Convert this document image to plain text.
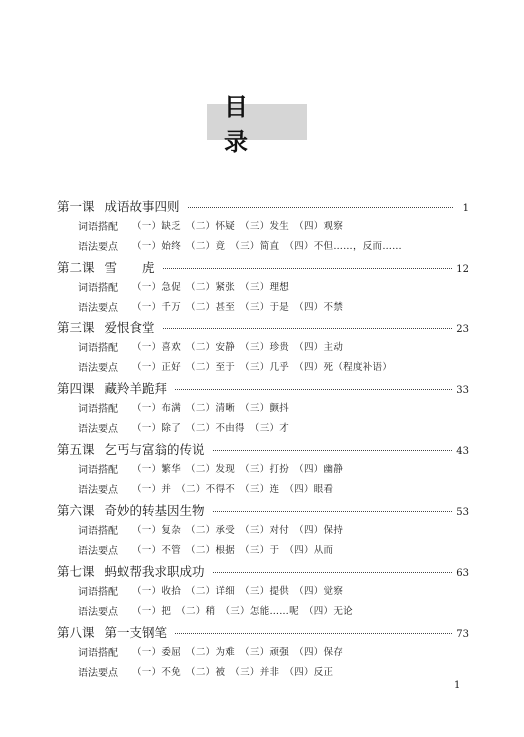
目　录
第一课 成语故事四则	1
词语搭配	（一）缺乏　（二）怀疑　（三）发生　（四）观察
语法要点	（一）始终　（二）竟　（三）简直　（四）不但……，反而……
第二课 雪　　虎	12
词语搭配	（一）急促　（二）紧张　（三）理想
语法要点	（一）千万　（二）甚至　（三）于是　（四）不禁
第三课 爱恨食堂	23
词语搭配	（一）喜欢　（二）安静　（三）珍贵　（四）主动
语法要点	（一）正好　（二）至于　（三）几乎　（四）死（程度补语）
第四课 藏羚羊跪拜	33
词语搭配	（一）布满　（二）清晰　（三）颤抖
语法要点	（一）除了　（二）不由得　（三）才
第五课 乞丐与富翁的传说	43
词语搭配	（一）繁华　（二）发现　（三）打扮　（四）幽静
语法要点	（一）并　（二）不得不　（三）连　（四）眼看
第六课 奇妙的转基因生物	53
词语搭配	（一）复杂　（二）承受　（三）对付　（四）保持
语法要点	（一）不管　（二）根据　（三）于　（四）从而
第七课 蚂蚁帮我求职成功	63
词语搭配	（一）收拾　（二）详细　（三）提供　（四）觉察
语法要点	（一）把　（二）稍　（三）怎能……呢　（四）无论
第八课 第一支钢笔	73
词语搭配	（一）委屈　（二）为难　（三）顽强　（四）保存
语法要点	（一）不免　（二）被　（三）并非　（四）反正
1
